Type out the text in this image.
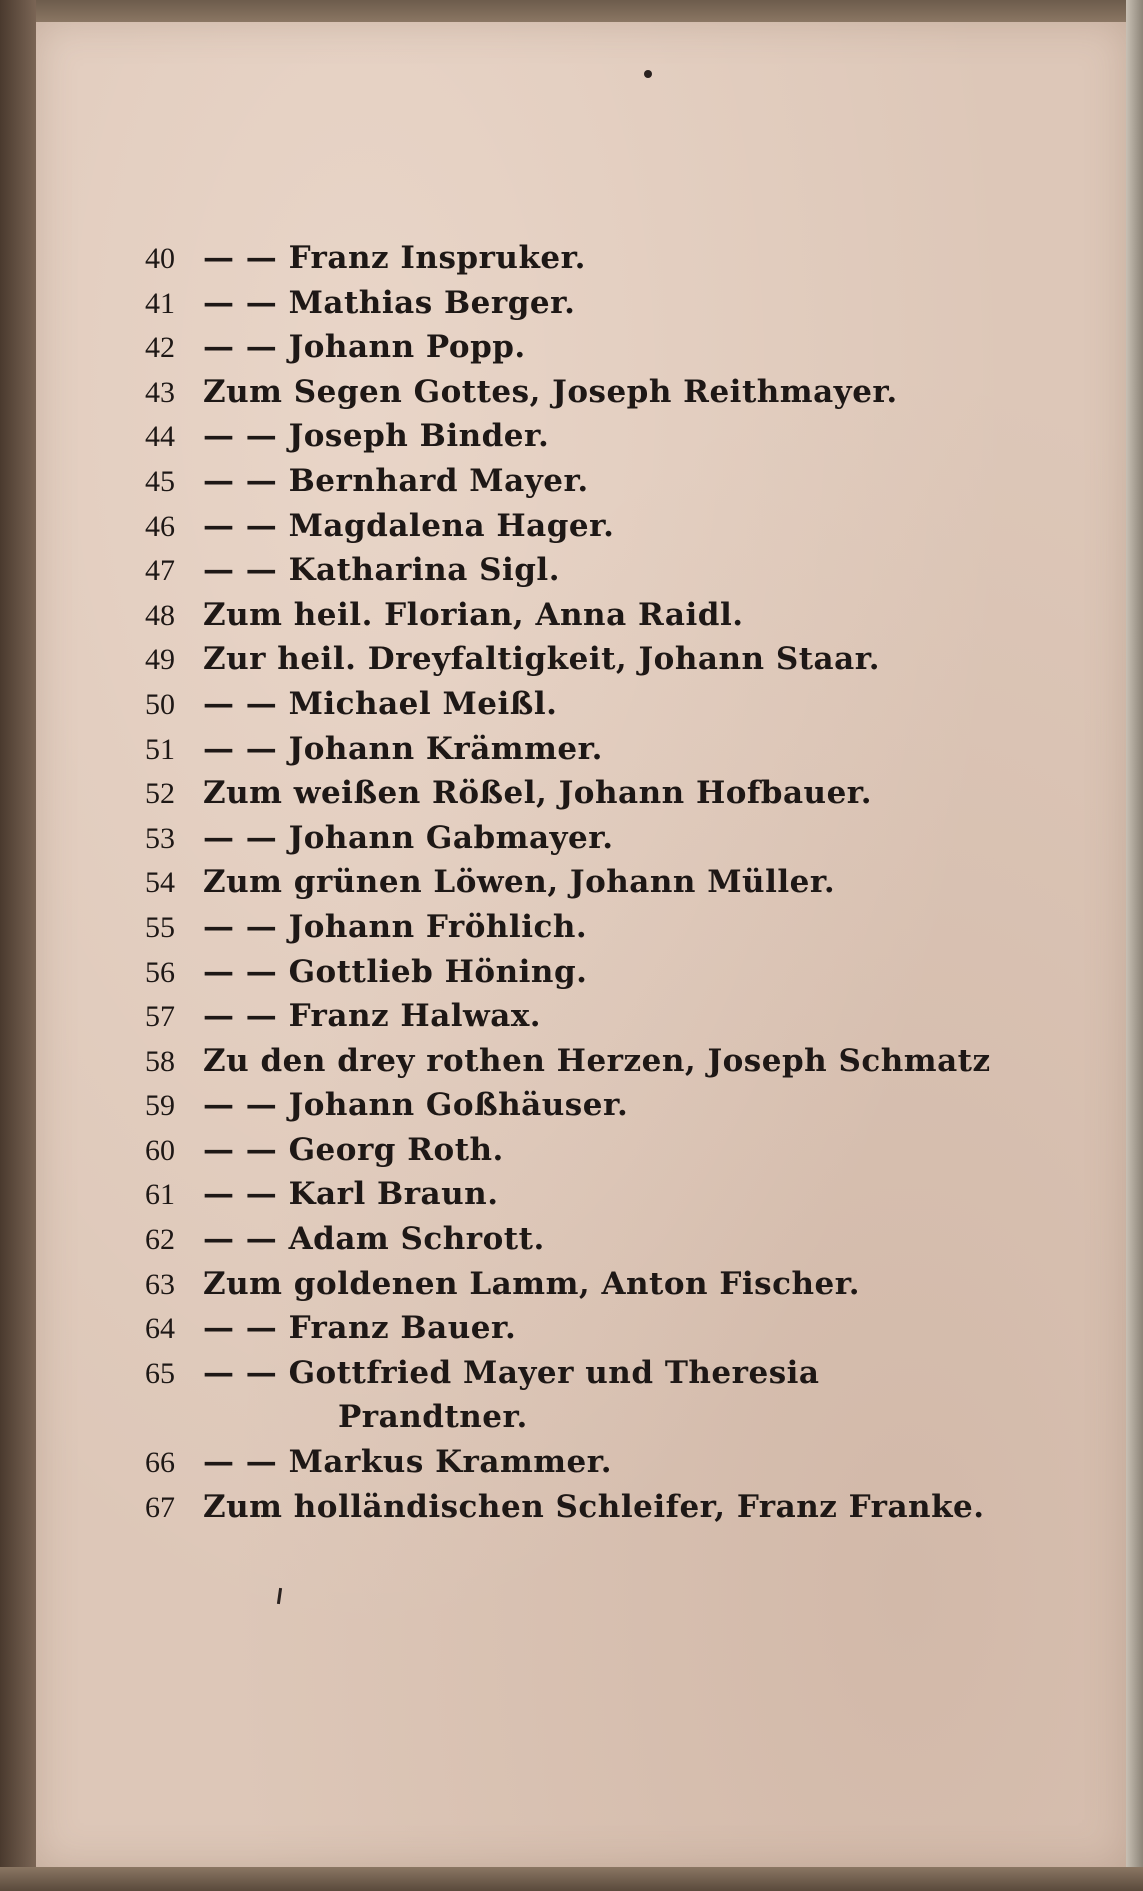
40 — — Franz Inspruker.
41 — — Mathias Berger.
42 — — Johann Popp.
43 Zum Segen Gottes, Joseph Reithmayer.
44 — — Joseph Binder.
45 — — Bernhard Mayer.
46 — — Magdalena Hager.
47 — — Katharina Sigl.
48 Zum heil. Florian, Anna Raidl.
49 Zur heil. Dreyfaltigkeit, Johann Staar.
50 — — Michael Meißl.
51 — — Johann Krämmer.
52 Zum weißen Rößel, Johann Hofbauer.
53 — — Johann Gabmayer.
54 Zum grünen Löwen, Johann Müller.
55 — — Johann Fröhlich.
56 — — Gottlieb Höning.
57 — — Franz Halwax.
58 Zu den drey rothen Herzen, Joseph Schmatz
59 — — Johann Goßhäuser.
60 — — Georg Roth.
61 — — Karl Braun.
62 — — Adam Schrott.
63 Zum goldenen Lamm, Anton Fischer.
64 — — Franz Bauer.
65 — — Gottfried Mayer und Theresia
Prandtner.
66 — — Markus Krammer.
67 Zum holländischen Schleifer, Franz Franke.
